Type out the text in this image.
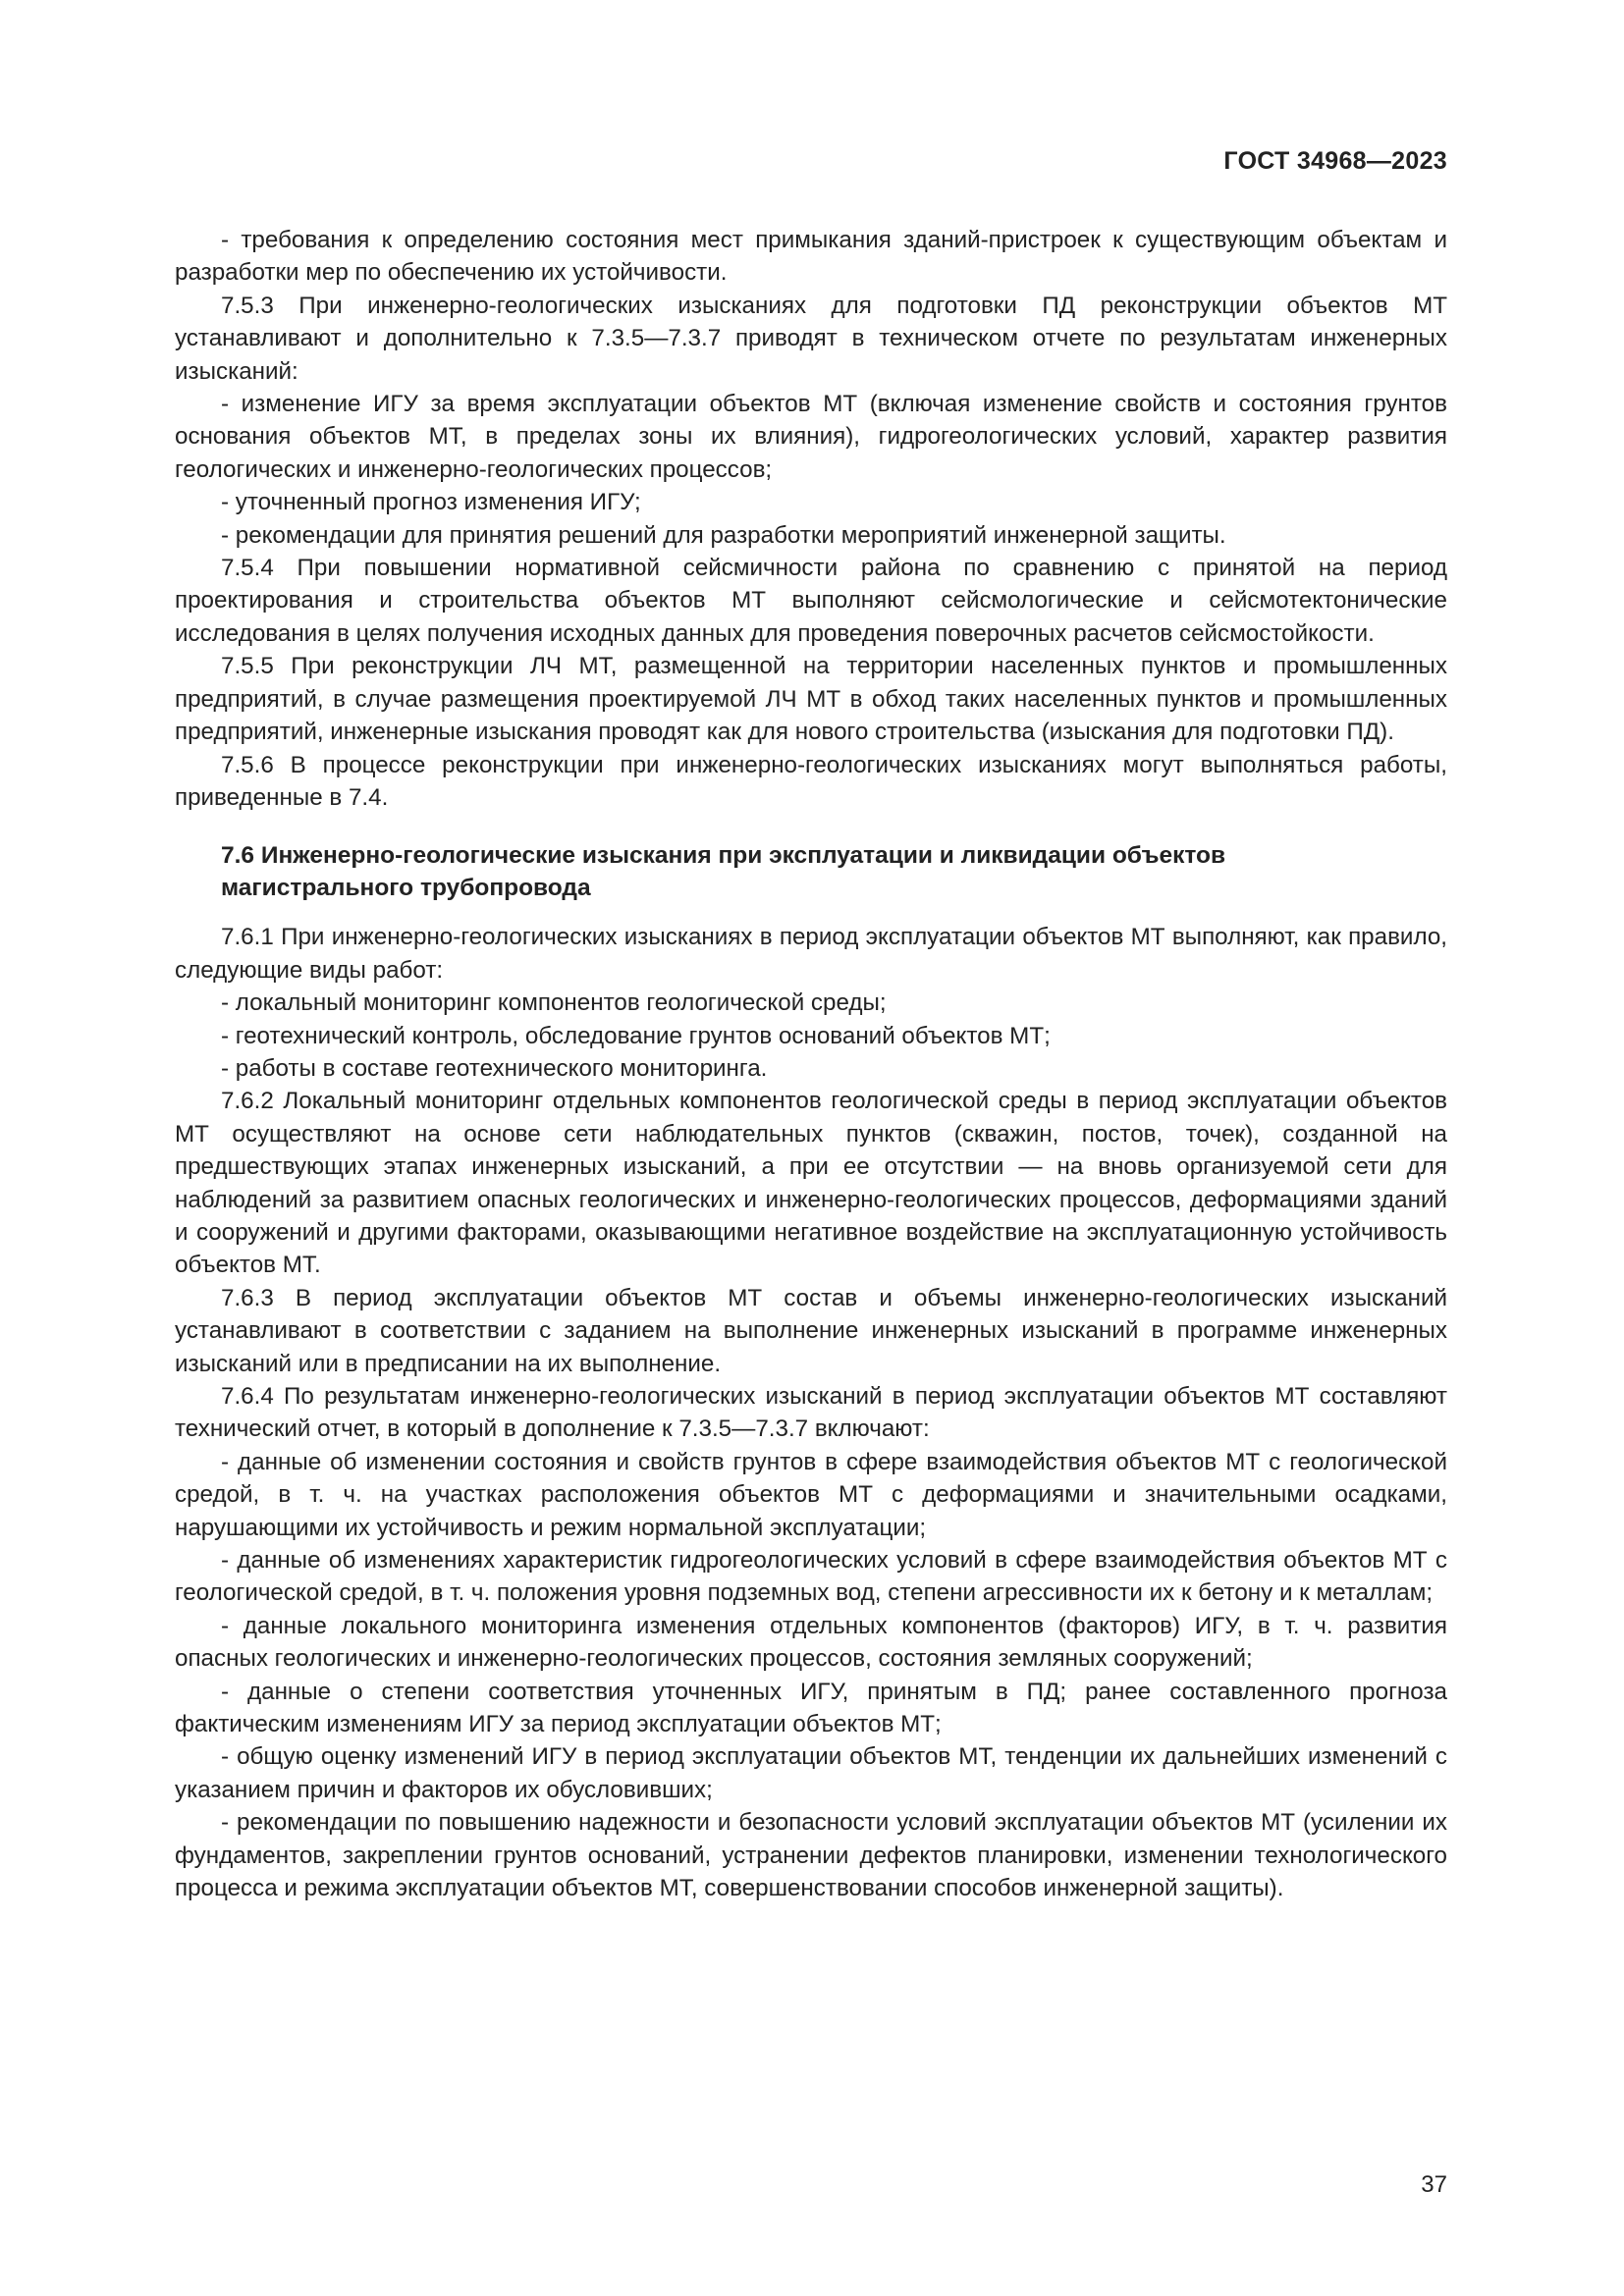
ГОСТ 34968—2023

- требования к определению состояния мест примыкания зданий-пристроек к существующим объектам и разработки мер по обеспечению их устойчивости.

7.5.3 При инженерно-геологических изысканиях для подготовки ПД реконструкции объектов МТ устанавливают и дополнительно к 7.3.5—7.3.7 приводят в техническом отчете по результатам инженерных изысканий:

- изменение ИГУ за время эксплуатации объектов МТ (включая изменение свойств и состояния грунтов основания объектов МТ, в пределах зоны их влияния), гидрогеологических условий, характер развития геологических и инженерно-геологических процессов;

- уточненный прогноз изменения ИГУ;

- рекомендации для принятия решений для разработки мероприятий инженерной защиты.

7.5.4 При повышении нормативной сейсмичности района по сравнению с принятой на период проектирования и строительства объектов МТ выполняют сейсмологические и сейсмотектонические исследования в целях получения исходных данных для проведения поверочных расчетов сейсмостойкости.

7.5.5 При реконструкции ЛЧ МТ, размещенной на территории населенных пунктов и промышленных предприятий, в случае размещения проектируемой ЛЧ МТ в обход таких населенных пунктов и промышленных предприятий, инженерные изыскания проводят как для нового строительства (изыскания для подготовки ПД).

7.5.6 В процессе реконструкции при инженерно-геологических изысканиях могут выполняться работы, приведенные в 7.4.

7.6 Инженерно-геологические изыскания при эксплуатации и ликвидации объектов магистрального трубопровода

7.6.1 При инженерно-геологических изысканиях в период эксплуатации объектов МТ выполняют, как правило, следующие виды работ:

- локальный мониторинг компонентов геологической среды;

- геотехнический контроль, обследование грунтов оснований объектов МТ;

- работы в составе геотехнического мониторинга.

7.6.2 Локальный мониторинг отдельных компонентов геологической среды в период эксплуатации объектов МТ осуществляют на основе сети наблюдательных пунктов (скважин, постов, точек), созданной на предшествующих этапах инженерных изысканий, а при ее отсутствии — на вновь организуемой сети для наблюдений за развитием опасных геологических и инженерно-геологических процессов, деформациями зданий и сооружений и другими факторами, оказывающими негативное воздействие на эксплуатационную устойчивость объектов МТ.

7.6.3 В период эксплуатации объектов МТ состав и объемы инженерно-геологических изысканий устанавливают в соответствии с заданием на выполнение инженерных изысканий в программе инженерных изысканий или в предписании на их выполнение.

7.6.4 По результатам инженерно-геологических изысканий в период эксплуатации объектов МТ составляют технический отчет, в который в дополнение к 7.3.5—7.3.7 включают:

- данные об изменении состояния и свойств грунтов в сфере взаимодействия объектов МТ с геологической средой, в т. ч. на участках расположения объектов МТ с деформациями и значительными осадками, нарушающими их устойчивость и режим нормальной эксплуатации;

- данные об изменениях характеристик гидрогеологических условий в сфере взаимодействия объектов МТ с геологической средой, в т. ч. положения уровня подземных вод, степени агрессивности их к бетону и к металлам;

- данные локального мониторинга изменения отдельных компонентов (факторов) ИГУ, в т. ч. развития опасных геологических и инженерно-геологических процессов, состояния земляных сооружений;

- данные о степени соответствия уточненных ИГУ, принятым в ПД; ранее составленного прогноза фактическим изменениям ИГУ за период эксплуатации объектов МТ;

- общую оценку изменений ИГУ в период эксплуатации объектов МТ, тенденции их дальнейших изменений с указанием причин и факторов их обусловивших;

- рекомендации по повышению надежности и безопасности условий эксплуатации объектов МТ (усилении их фундаментов, закреплении грунтов оснований, устранении дефектов планировки, изменении технологического процесса и режима эксплуатации объектов МТ, совершенствовании способов инженерной защиты).

37
